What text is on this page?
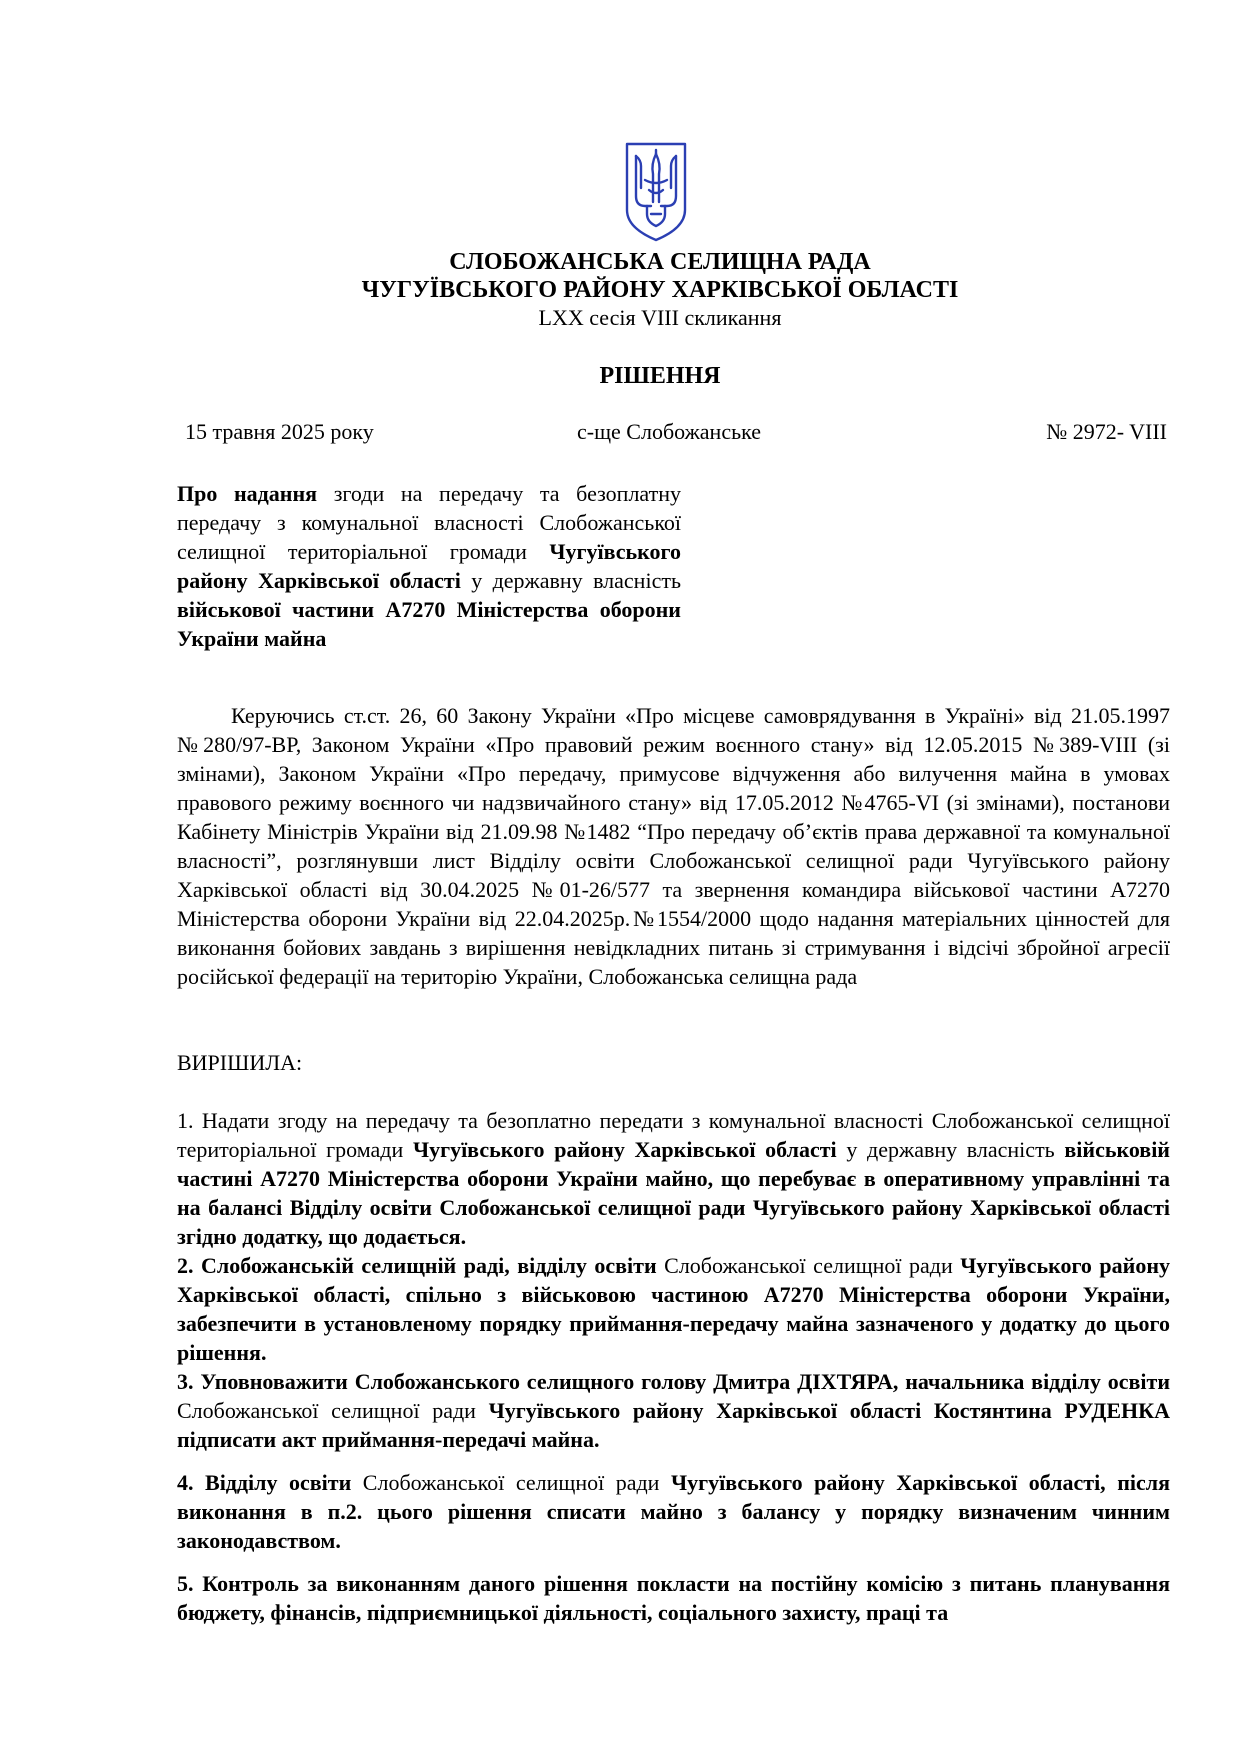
СЛОБОЖАНСЬКА СЕЛИЩНА РАДА
ЧУГУЇВСЬКОГО РАЙОНУ ХАРКІВСЬКОЇ ОБЛАСТІ
LXX сесія VIII скликання
РІШЕННЯ
15 травня 2025 року	с-ще Слобожанське	№ 2972- VIII
Про надання згоди на передачу та безоплатну передачу з комунальної власності Слобожанської селищної територіальної громади Чугуївського району Харківської області у державну власність військової частини А7270 Міністерства оборони України майна
Керуючись ст.ст. 26, 60 Закону України «Про місцеве самоврядування в Україні» від 21.05.1997 №280/97-ВР, Законом України «Про правовий режим воєнного стану» від 12.05.2015 №389-VIII (зі змінами), Законом України «Про передачу, примусове відчуження або вилучення майна в умовах правового режиму воєнного чи надзвичайного стану» від 17.05.2012 №4765-VI (зі змінами), постанови Кабінету Міністрів України від 21.09.98 №1482 “Про передачу об’єктів права державної та комунальної власності”, розглянувши лист Відділу освіти Слобожанської селищної ради Чугуївського району Харківської області від 30.04.2025 №01-26/577 та звернення командира військової частини А7270 Міністерства оборони України від 22.04.2025р.№1554/2000 щодо надання матеріальних цінностей для виконання бойових завдань з вирішення невідкладних питань зі стримування і відсічі збройної агресії російської федерації на територію України, Слобожанська селищна рада
ВИРІШИЛА:

1. Надати згоду на передачу та безоплатно передати з комунальної власності Слобожанської селищної територіальної громади Чугуївського району Харківської області у державну власність військовій частині А7270 Міністерства оборони України майно, що перебуває в оперативному управлінні та на балансі Відділу освіти Слобожанської селищної ради Чугуївського району Харківської області згідно додатку, що додається.

2. Слобожанській селищній раді, відділу освіти Слобожанської селищної ради Чугуївського району Харківської області, спільно з військовою частиною А7270 Міністерства оборони України, забезпечити в установленому порядку приймання-передачу майна зазначеного у додатку до цього рішення.

3. Уповноважити Слобожанського селищного голову Дмитра ДІХТЯРА, начальника відділу освіти Слобожанської селищної ради Чугуївського району Харківської області Костянтина РУДЕНКА підписати акт приймання-передачі майна.

4. Відділу освіти Слобожанської селищної ради Чугуївського району Харківської області, після виконання в п.2. цього рішення списати майно з балансу у порядку визначеним чинним законодавством.

5. Контроль за виконанням даного рішення покласти на постійну комісію з питань планування бюджету, фінансів, підприємницької діяльності, соціального захисту, праці та
